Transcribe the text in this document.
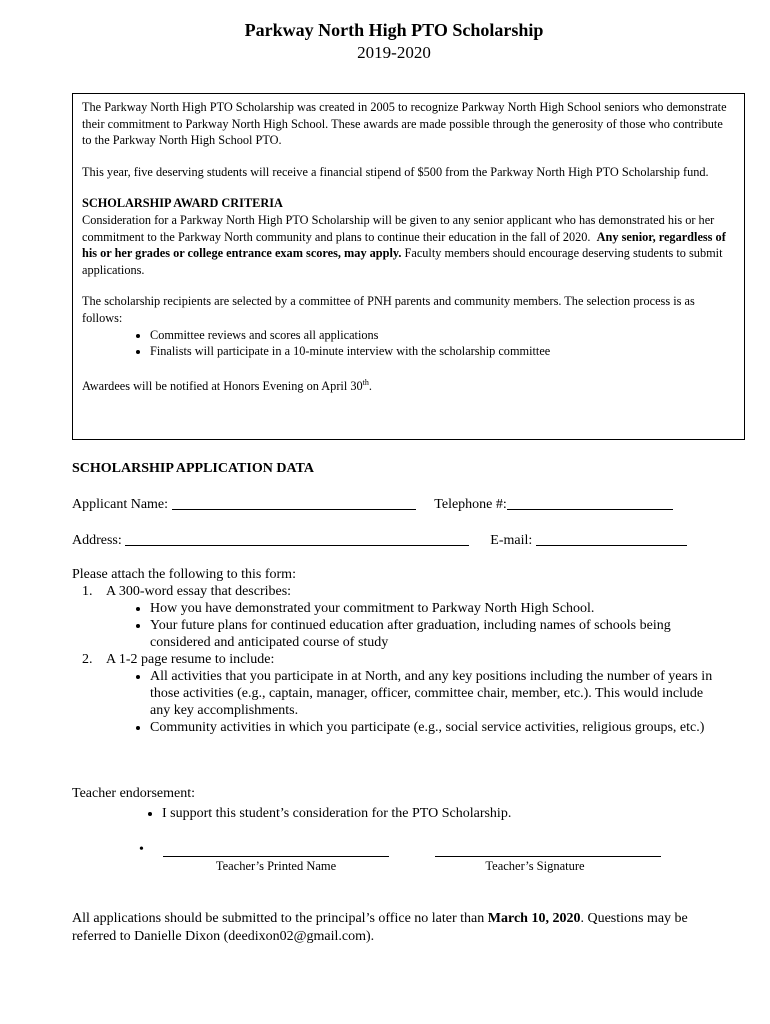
Parkway North High PTO Scholarship
2019-2020

The Parkway North High PTO Scholarship was created in 2005 to recognize Parkway North High School seniors who demonstrate their commitment to Parkway North High School. These awards are made possible through the generosity of those who contribute to the Parkway North High School PTO.

This year, five deserving students will receive a financial stipend of $500 from the Parkway North High PTO Scholarship fund.

SCHOLARSHIP AWARD CRITERIA
Consideration for a Parkway North High PTO Scholarship will be given to any senior applicant who has demonstrated his or her commitment to the Parkway North community and plans to continue their education in the fall of 2020. Any senior, regardless of his or her grades or college entrance exam scores, may apply. Faculty members should encourage deserving students to submit applications.

The scholarship recipients are selected by a committee of PNH parents and community members. The selection process is as follows:

• Committee reviews and scores all applications
• Finalists will participate in a 10-minute interview with the scholarship committee

Awardees will be notified at Honors Evening on April 30th.

SCHOLARSHIP APPLICATION DATA
Applicant Name:	Telephone #:
Address:	E-mail:
Please attach the following to this form:
1. A 300-word essay that describes:
• How you have demonstrated your commitment to Parkway North High School.
• Your future plans for continued education after graduation, including names of schools being considered and anticipated course of study
2. A 1-2 page resume to include:
• All activities that you participate in at North, and any key positions including the number of years in those activities (e.g., captain, manager, officer, committee chair, member, etc.). This would include any key accomplishments.
• Community activities in which you participate (e.g., social service activities, religious groups, etc.)
Teacher endorsement:
• I support this student’s consideration for the PTO Scholarship.
•
Teacher’s Printed Name	Teacher’s Signature
All applications should be submitted to the principal’s office no later than March 10, 2020. Questions may be referred to Danielle Dixon (deedixon02@gmail.com).
